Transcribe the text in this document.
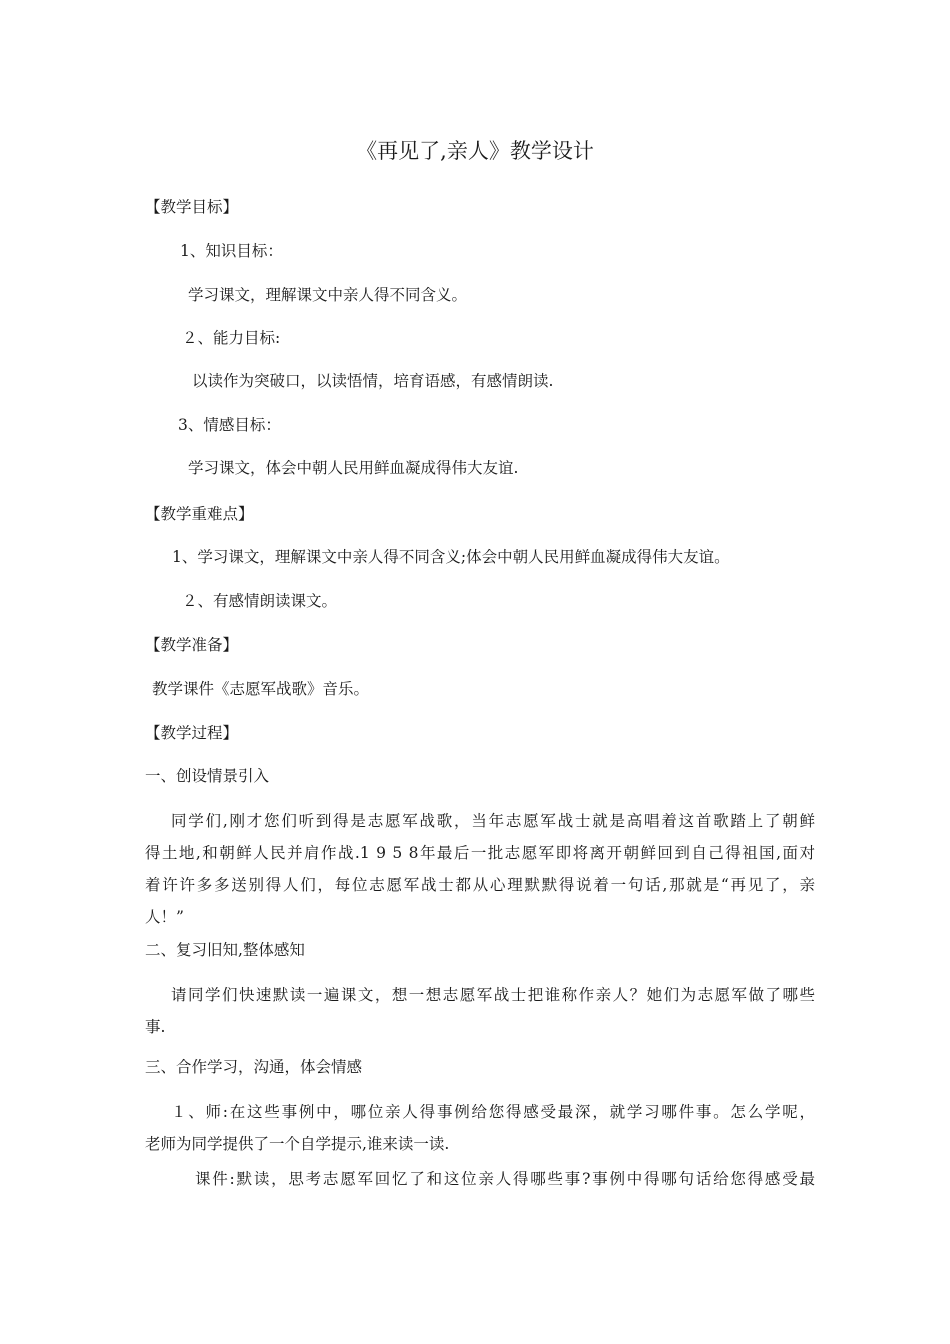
《再见了,亲人》教学设计
【教学目标】
1、知识目标：
学习课文，理解课文中亲人得不同含义。
２、能力目标:
以读作为突破口，以读悟情，培育语感，有感情朗读.
3、情感目标：
学习课文，体会中朝人民用鲜血凝成得伟大友谊.
【教学重难点】
1、学习课文，理解课文中亲人得不同含义;体会中朝人民用鲜血凝成得伟大友谊。
２、有感情朗读课文。
【教学准备】
教学课件《志愿军战歌》音乐。
【教学过程】
一、创设情景引入
同学们,刚才您们听到得是志愿军战歌，当年志愿军战士就是高唱着这首歌踏上了朝鲜
得土地,和朝鲜人民并肩作战.1 9 5 8年最后一批志愿军即将离开朝鲜回到自己得祖国,面对
着许许多多送别得人们，每位志愿军战士都从心理默默得说着一句话,那就是“再见了，亲
人！”
二、复习旧知,整体感知
请同学们快速默读一遍课文，想一想志愿军战士把谁称作亲人？她们为志愿军做了哪些
事.
三、合作学习，沟通，体会情感
１、师:在这些事例中，哪位亲人得事例给您得感受最深，就学习哪件事。怎么学呢，
老师为同学提供了一个自学提示,谁来读一读.
课件:默读，思考志愿军回忆了和这位亲人得哪些事?事例中得哪句话给您得感受最
